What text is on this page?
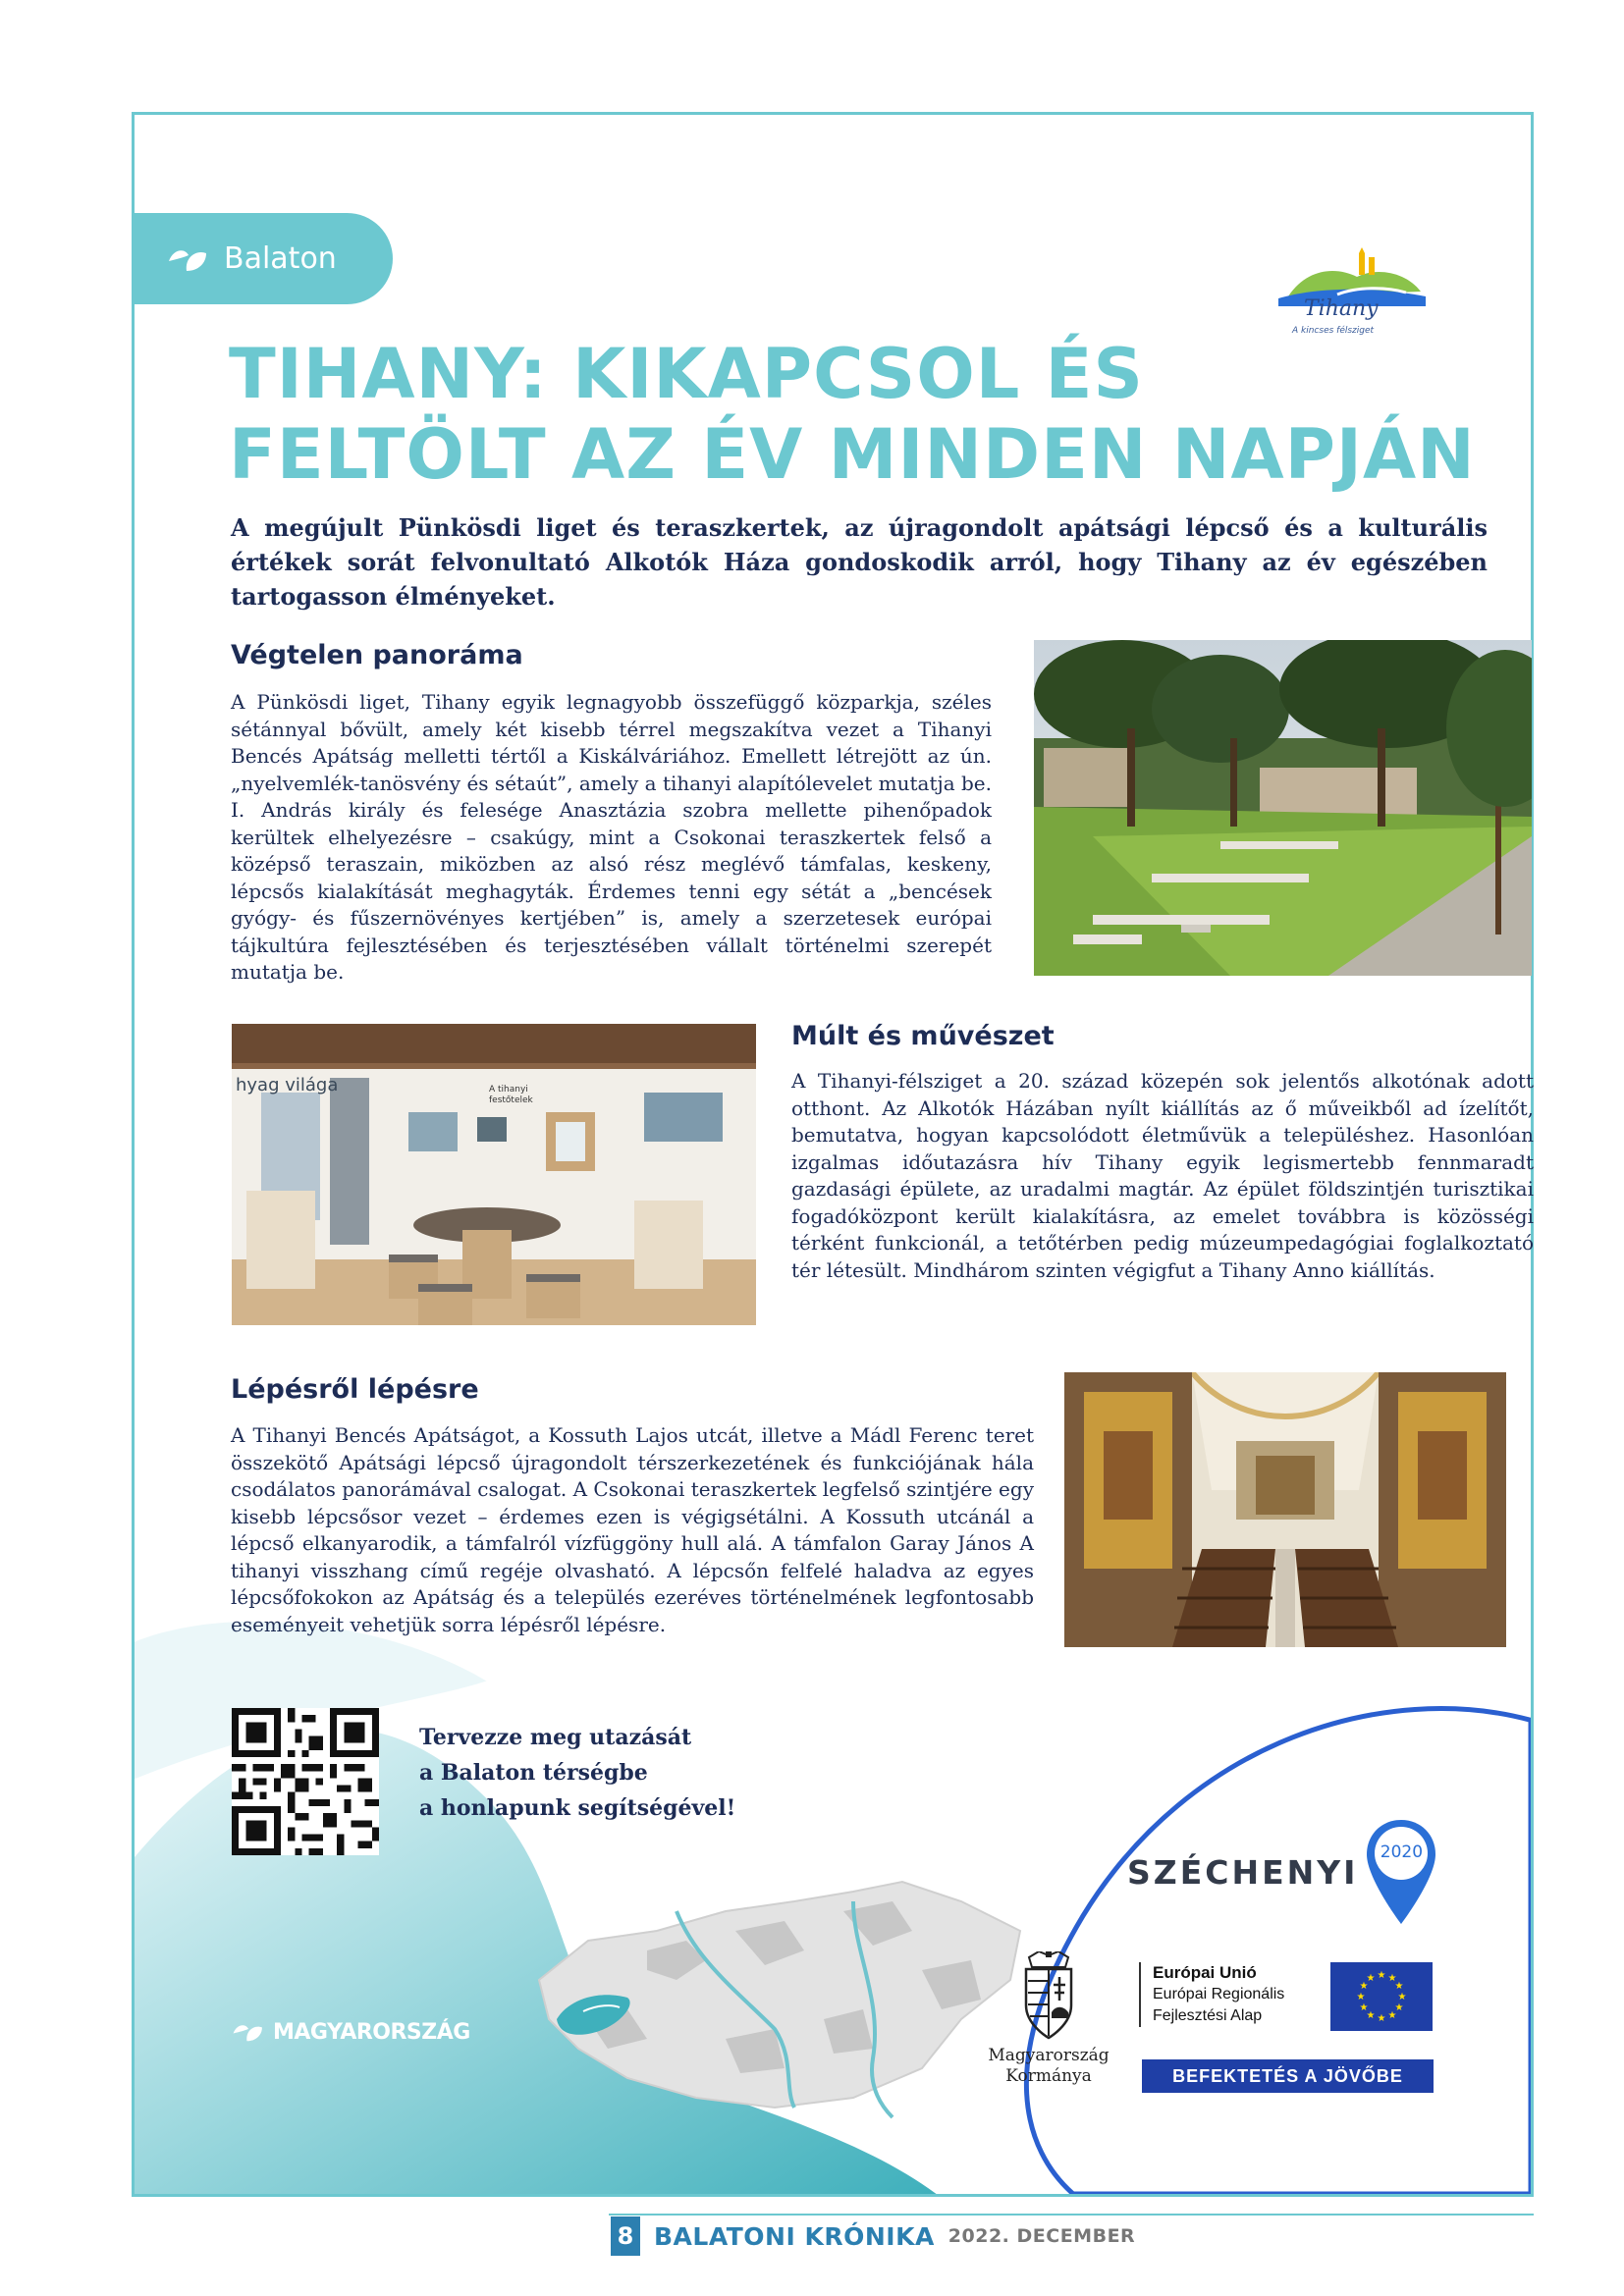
Balaton
Tihany
A kincses félsziget
TIHANY: KIKAPCSOL ÉS
FELTÖLT AZ ÉV MINDEN NAPJÁN

A megújult Pünkösdi liget és teraszkertek, az újragondolt apátsági lépcső és a kulturális értékek sorát felvonultató Alkotók Háza gondoskodik arról, hogy Tihany az év egészében tartogasson élményeket.

Végtelen panoráma

A Pünkösdi liget, Tihany egyik legnagyobb összefüggő közparkja, széles sétánnyal bővült, amely két kisebb térrel megszakítva vezet a Tihanyi Bencés Apátság melletti tértől a Kiskálváriához. Emellett létrejött az ún. „nyelvemlék-tanösvény és sétaút”, amely a tihanyi alapítólevelet mutatja be. I. András király és felesége Anasztázia szobra mellette pihenőpadok kerültek elhelyezésre – csakúgy, mint a Csokonai teraszkertek felső a középső teraszain, miközben az alsó rész meglévő támfalas, keskeny, lépcsős kialakítását meghagyták. Érdemes tenni egy sétát a „bencések gyógy- és fűszernövényes kertjében” is, amely a szerzetesek európai tájkultúra fejlesztésében és terjesztésében vállalt történelmi szerepét mutatja be.

hyag világa	A tihanyi festőtelek
Múlt és művészet

A Tihanyi-félsziget a 20. század közepén sok jelentős alkotónak adott otthont. Az Alkotók Házában nyílt kiállítás az ő műveikből ad ízelítőt, bemutatva, hogyan kapcsolódott életművük a településhez. Hasonlóan izgalmas időutazásra hív Tihany egyik legismertebb fennmaradt gazdasági épülete, az uradalmi magtár. Az épület földszintjén turisztikai fogadóközpont került kialakításra, az emelet továbbra is közösségi térként funkcionál, a tetőtérben pedig múzeumpedagógiai foglalkoztató tér létesült. Mindhárom szinten végigfut a Tihany Anno kiállítás.

Lépésről lépésre

A Tihanyi Bencés Apátságot, a Kossuth Lajos utcát, illetve a Mádl Ferenc teret összekötő Apátsági lépcső újragondolt térszerkezetének és funkciójának hála csodálatos panorámával csalogat. A Csokonai teraszkertek legfelső szintjére egy kisebb lépcsősor vezet – érdemes ezen is végigsétálni. A Kossuth utcánál a lépcső elkanyarodik, a támfalról vízfüggöny hull alá. A támfalon Garay János A tihanyi visszhang című regéje olvasható. A lépcsőn felfelé haladva az egyes lépcsőfokokon az Apátság és a település ezeréves történelmének legfontosabb eseményeit vehetjük sorra lépésről lépésre.

Tervezze meg utazását
a Balaton térségbe
a honlapunk segítségével!
SZÉCHENYI
2020
Magyarország
Kormánya
Európai Unió
Európai Regionális
Fejlesztési Alap
★ ★
★
★
★
★
★
★
★
★
★
★
BEFEKTETÉS A JÖVŐBE
MAGYARORSZÁG
8 BALATONI KRÓNIKA 2022. DECEMBER
